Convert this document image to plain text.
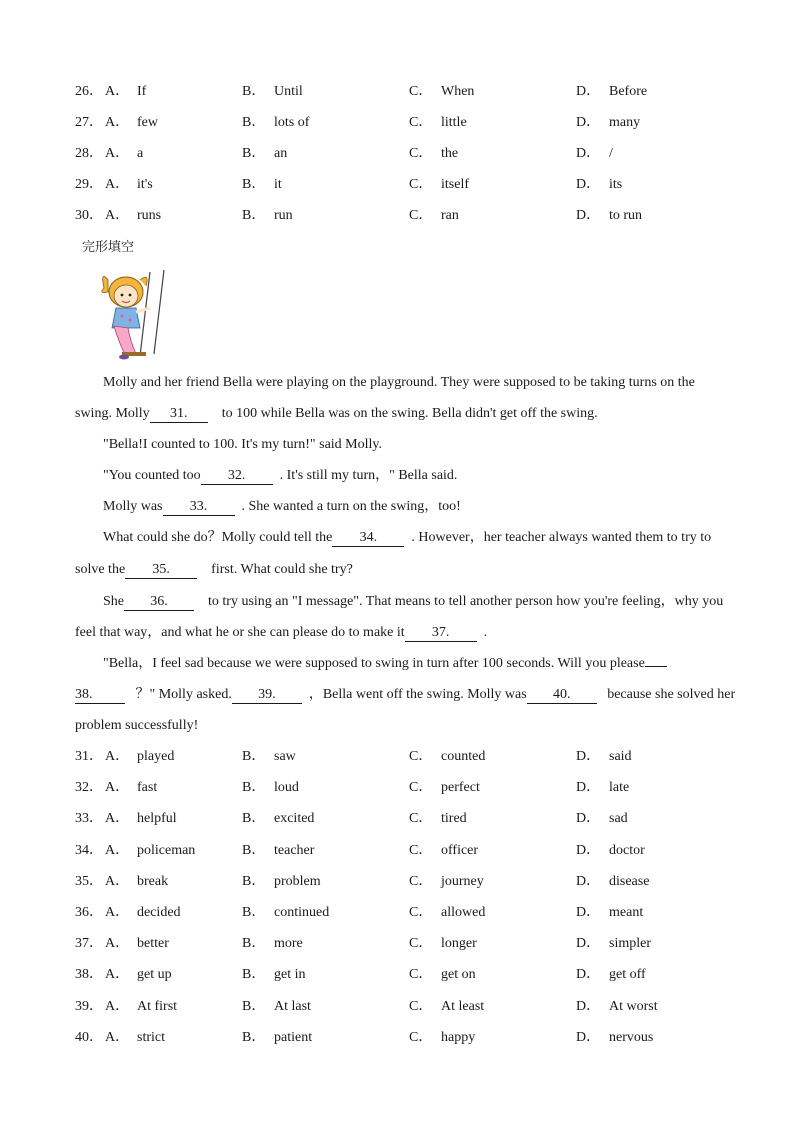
26． A． If	B． Until	C． When	D． Before
27． A． few	B． lots of	C． little	D． many
28． A． a	B． an	C． the	D． /
29． A． it's	B． it	C． itself	D． its
30． A． runs	B． run	C． ran	D． to run
完形填空
Molly and her friend Bella were playing on the playground. They were supposed to be taking turns on the
swing. Molly 31. to 100 while Bella was on the swing. Bella didn't get off the swing.
"Bella!I counted to 100. It's my turn!" said Molly.
"You counted too 32. . It's still my turn，" Bella said.
Molly was 33. . She wanted a turn on the swing，too!
What could she do？Molly could tell the 34. . However，her teacher always wanted them to try to
solve the 35.	first. What could she try?
She 36.	to try using an "I message". That means to tell another person how you're feeling，why you
feel that way，and what he or she can please do to make it 37. .
"Bella，I feel sad because we were supposed to swing in turn after 100 seconds. Will you please
38.	？" Molly asked. 39. ，Bella went off the swing. Molly was 40.	because she solved her
problem successfully!
31． A． played	B． saw	C． counted	D． said
32． A． fast	B． loud	C． perfect	D． late
33． A． helpful	B． excited	C． tired	D． sad
34． A． policeman	B． teacher	C． officer	D． doctor
35． A． break	B． problem	C． journey	D． disease
36． A． decided	B． continued	C． allowed	D． meant
37． A． better	B． more	C． longer	D． simpler
38． A． get up	B． get in	C． get on	D． get off
39． A． At first	B． At last	C． At least	D． At worst
40． A． strict	B． patient	C． happy	D． nervous
